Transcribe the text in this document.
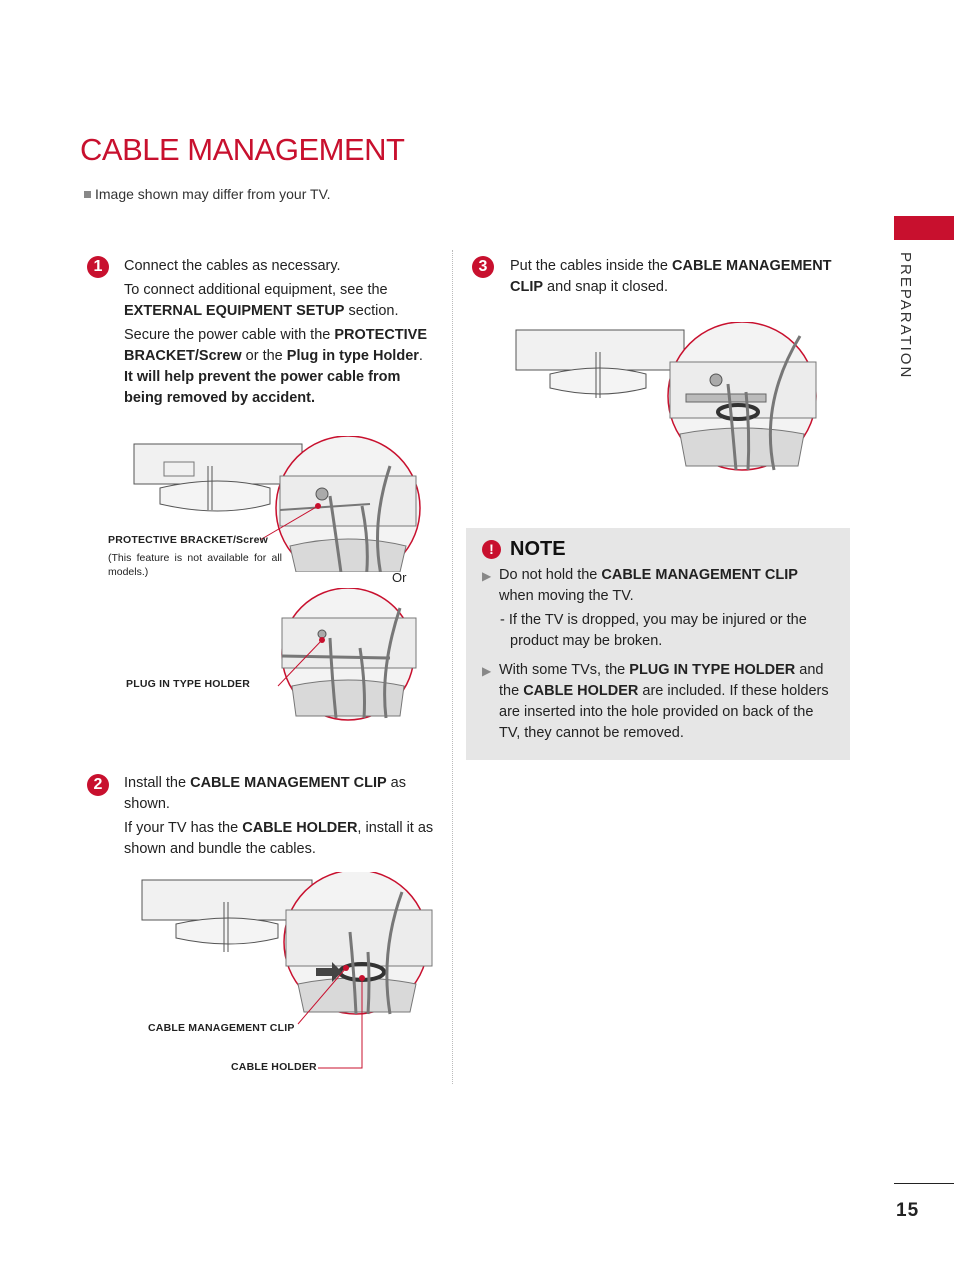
CABLE MANAGEMENT
Image shown may differ from your TV.
PREPARATION
1	Connect the cables as necessary.

To connect additional equipment, see the EXTERNAL EQUIPMENT SETUP section.

Secure the power cable with the PROTECTIVE BRACKET/Screw or the Plug in type Holder.

It will help prevent the power cable from being removed by accident.

PROTECTIVE BRACKET/Screw
(This feature is not available for all models.)	Or
PLUG IN TYPE HOLDER
2	Install the CABLE MANAGEMENT CLIP as shown.

If your TV has the CABLE HOLDER, install it as shown and bundle the cables.

CABLE MANAGEMENT CLIP
CABLE HOLDER
3	Put the cables inside the CABLE MANAGEMENT CLIP and snap it closed.

! NOTE
▶ Do not hold the CABLE MANAGEMENT CLIP when moving the TV.
- If the TV is dropped, you may be injured or the product may be broken.
▶ With some TVs, the PLUG IN TYPE HOLDER and the CABLE HOLDER are included. If these holders are inserted into the hole provided on back of the TV, they cannot be removed.
15
